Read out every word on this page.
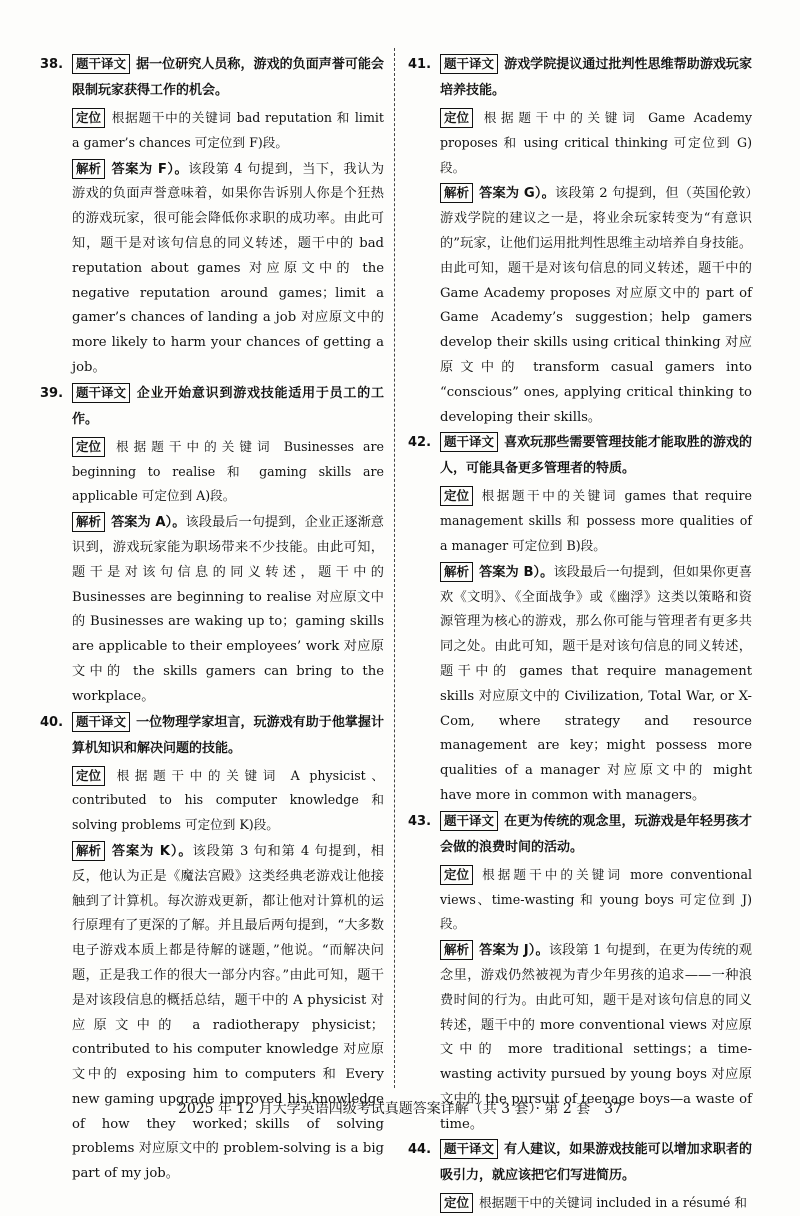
38.	题干译文 据一位研究人员称，游戏的负面声誉可能会限制玩家获得工作的机会。
定位 根据题干中的关键词 bad reputation 和 limit a gamer’s chances 可定位到 F)段。
解析 答案为 F）。该段第 4 句提到，当下，我认为游戏的负面声誉意味着，如果你告诉别人你是个狂热的游戏玩家，很可能会降低你求职的成功率。由此可知，题干是对该句信息的同义转述，题干中的 bad reputation about games 对应原文中的 the negative reputation around games；limit a gamer’s chances of landing a job 对应原文中的 more likely to harm your chances of getting a job。
39.	题干译文 企业开始意识到游戏技能适用于员工的工作。
定位 根据题干中的关键词 Businesses are beginning to realise 和 gaming skills are applicable 可定位到 A)段。
解析 答案为 A）。该段最后一句提到，企业正逐渐意识到，游戏玩家能为职场带来不少技能。由此可知，题干是对该句信息的同义转述，题干中的 Businesses are beginning to realise 对应原文中的 Businesses are waking up to；gaming skills are applicable to their employees’ work 对应原文中的 the skills gamers can bring to the workplace。
40.	题干译文 一位物理学家坦言，玩游戏有助于他掌握计算机知识和解决问题的技能。
定位 根据题干中的关键词 A physicist、contributed to his computer knowledge 和 solving problems 可定位到 K)段。
解析 答案为 K）。该段第 3 句和第 4 句提到，相反，他认为正是《魔法宫殿》这类经典老游戏让他接触到了计算机。每次游戏更新，都让他对计算机的运行原理有了更深的了解。并且最后两句提到，“大多数电子游戏本质上都是待解的谜题，”他说。“而解决问题，正是我工作的很大一部分内容。”由此可知，题干是对该段信息的概括总结，题干中的 A physicist 对应原文中的 a radiotherapy physicist；contributed to his computer knowledge 对应原文中的 exposing him to computers 和 Every new gaming upgrade improved his knowledge of how they worked；skills of solving problems 对应原文中的 problem-solving is a big part of my job。
41.	题干译文 游戏学院提议通过批判性思维帮助游戏玩家培养技能。
定位 根据题干中的关键词 Game Academy proposes 和 using critical thinking 可定位到 G)段。
解析 答案为 G）。该段第 2 句提到，但（英国伦敦）游戏学院的建议之一是，将业余玩家转变为“有意识的”玩家，让他们运用批判性思维主动培养自身技能。由此可知，题干是对该句信息的同义转述，题干中的 Game Academy proposes 对应原文中的 part of Game Academy’s suggestion；help gamers develop their skills using critical thinking 对应原文中的 transform casual gamers into “conscious” ones, applying critical thinking to developing their skills。
42.	题干译文 喜欢玩那些需要管理技能才能取胜的游戏的人，可能具备更多管理者的特质。
定位 根据题干中的关键词 games that require management skills 和 possess more qualities of a manager 可定位到 B)段。
解析 答案为 B）。该段最后一句提到，但如果你更喜欢《文明》、《全面战争》或《幽浮》这类以策略和资源管理为核心的游戏，那么你可能与管理者有更多共同之处。由此可知，题干是对该句信息的同义转述，题干中的 games that require management skills 对应原文中的 Civilization, Total War, or X-Com, where strategy and resource management are key；might possess more qualities of a manager 对应原文中的 might have more in common with managers。
43.	题干译文 在更为传统的观念里，玩游戏是年轻男孩才会做的浪费时间的活动。
定位 根据题干中的关键词 more conventional views、time-wasting 和 young boys 可定位到 J)段。
解析 答案为 J）。该段第 1 句提到，在更为传统的观念里，游戏仍然被视为青少年男孩的追求——一种浪费时间的行为。由此可知，题干是对该句信息的同义转述，题干中的 more conventional views 对应原文中的 more traditional settings；a time-wasting activity pursued by young boys 对应原文中的 the pursuit of teenage boys—a waste of time。
44.	题干译文 有人建议，如果游戏技能可以增加求职者的吸引力，就应该把它们写进简历。
定位 根据题干中的关键词 included in a résumé 和
2025 年 12 月大学英语四级考试真题答案详解（共 3 套）· 第 2 套　37
